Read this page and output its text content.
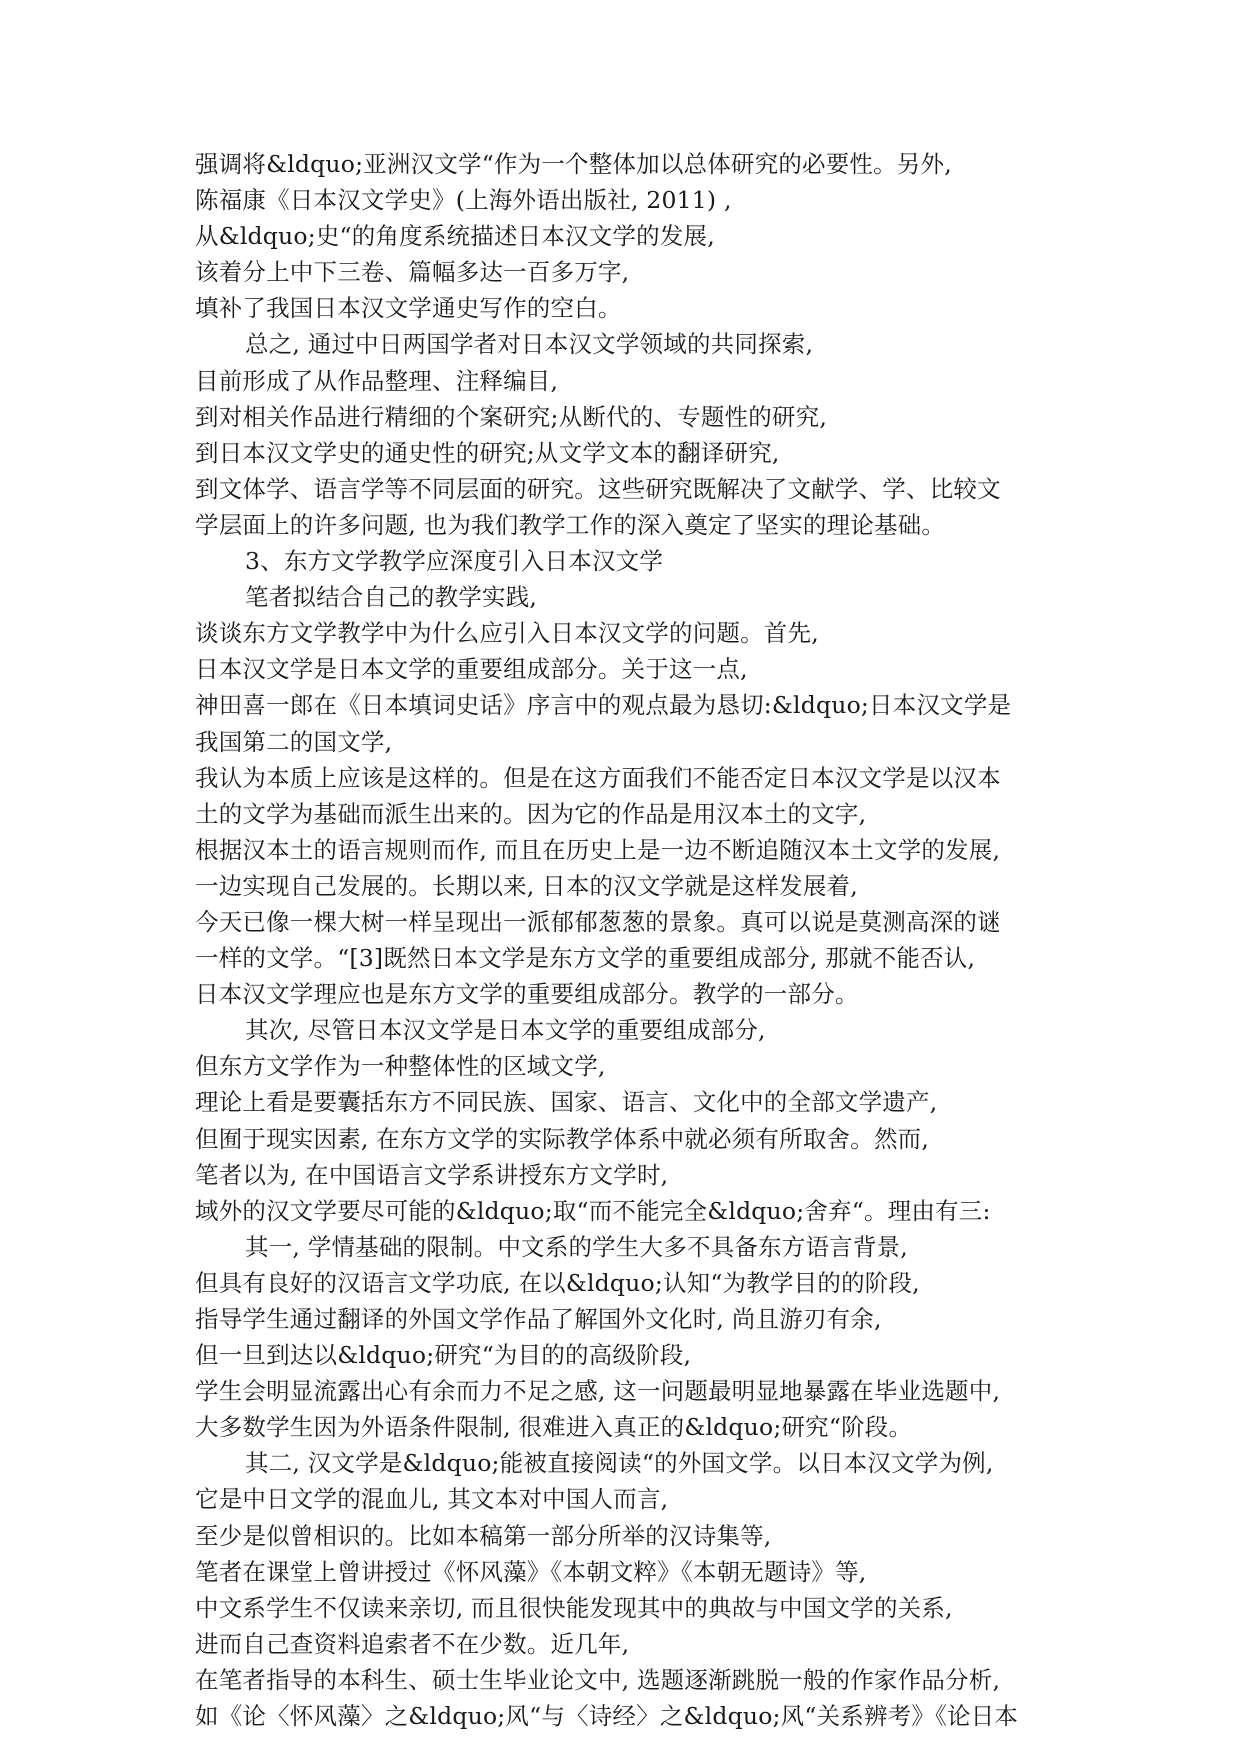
强调将&ldquo;亚洲汉文学“作为一个整体加以总体研究的必要性。另外,
陈福康《日本汉文学史》(上海外语出版社, 2011) ,
从&ldquo;史“的角度系统描述日本汉文学的发展,
该着分上中下三卷、篇幅多达一百多万字,
填补了我国日本汉文学通史写作的空白。
总之, 通过中日两国学者对日本汉文学领域的共同探索,
目前形成了从作品整理、注释编目,
到对相关作品进行精细的个案研究;从断代的、专题性的研究,
到日本汉文学史的通史性的研究;从文学文本的翻译研究,
到文体学、语言学等不同层面的研究。这些研究既解决了文献学、学、比较文
学层面上的许多问题, 也为我们教学工作的深入奠定了坚实的理论基础。
3、东方文学教学应深度引入日本汉文学
笔者拟结合自己的教学实践,
谈谈东方文学教学中为什么应引入日本汉文学的问题。首先,
日本汉文学是日本文学的重要组成部分。关于这一点,
神田喜一郎在《日本填词史话》序言中的观点最为恳切:&ldquo;日本汉文学是
我国第二的国文学,
我认为本质上应该是这样的。但是在这方面我们不能否定日本汉文学是以汉本
土的文学为基础而派生出来的。因为它的作品是用汉本土的文字,
根据汉本土的语言规则而作, 而且在历史上是一边不断追随汉本土文学的发展,
一边实现自己发展的。长期以来, 日本的汉文学就是这样发展着,
今天已像一棵大树一样呈现出一派郁郁葱葱的景象。真可以说是莫测高深的谜
一样的文学。“[3]既然日本文学是东方文学的重要组成部分, 那就不能否认,
日本汉文学理应也是东方文学的重要组成部分。教学的一部分。
其次, 尽管日本汉文学是日本文学的重要组成部分,
但东方文学作为一种整体性的区域文学,
理论上看是要囊括东方不同民族、国家、语言、文化中的全部文学遗产,
但囿于现实因素, 在东方文学的实际教学体系中就必须有所取舍。然而,
笔者以为, 在中国语言文学系讲授东方文学时,
域外的汉文学要尽可能的&ldquo;取“而不能完全&ldquo;舍弃“。理由有三:
其一, 学情基础的限制。中文系的学生大多不具备东方语言背景,
但具有良好的汉语言文学功底, 在以&ldquo;认知“为教学目的的阶段,
指导学生通过翻译的外国文学作品了解国外文化时, 尚且游刃有余,
但一旦到达以&ldquo;研究“为目的的高级阶段,
学生会明显流露出心有余而力不足之感, 这一问题最明显地暴露在毕业选题中,
大多数学生因为外语条件限制, 很难进入真正的&ldquo;研究“阶段。
其二, 汉文学是&ldquo;能被直接阅读“的外国文学。以日本汉文学为例,
它是中日文学的混血儿, 其文本对中国人而言,
至少是似曾相识的。比如本稿第一部分所举的汉诗集等,
笔者在课堂上曾讲授过《怀风藻》《本朝文粹》《本朝无题诗》等,
中文系学生不仅读来亲切, 而且很快能发现其中的典故与中国文学的关系,
进而自己查资料追索者不在少数。近几年,
在笔者指导的本科生、硕士生毕业论文中, 选题逐渐跳脱一般的作家作品分析,
如《论〈怀风藻〉之&ldquo;风“与〈诗经〉之&ldquo;风“关系辨考》《论日本
